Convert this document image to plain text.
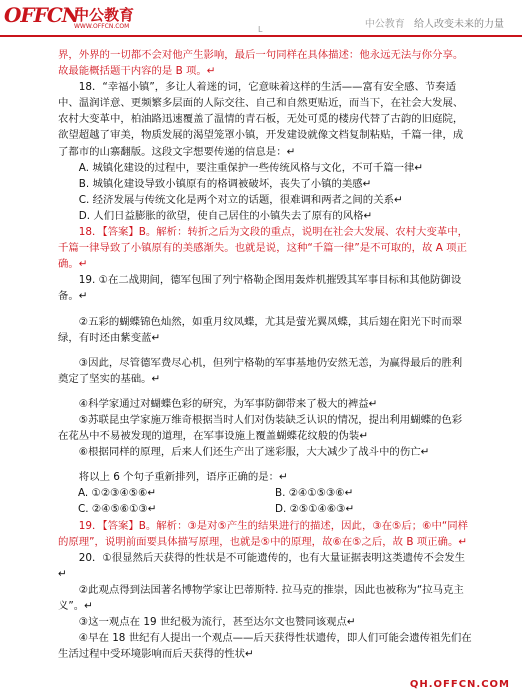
OFFCN
中公教育
WWW.OFFCN.COM	L	中公教育 给人改变未来的力量

界，外界的一切都不会对他产生影响，最后一句同样在具体描述：他永远无法与你分享。故最能概括题干内容的是 B 项。↵

18．“幸福小镇”，多让人着迷的词，它意味着这样的生活——富有安全感、节奏适中、温润详意、更频繁多层面的人际交往、自己和自然更贴近，而当下，在社会大发展、农村大变革中，柏油路迅速覆盖了温情的青石板，无处可觅的楼房代替了古韵的旧庭院，欲望超越了审美，物质发展的渴望笼罩小镇，开发建设就像文档复制粘贴，千篇一律，成了都市的山寨翻版。这段文字想要传递的信息是：↵

A. 城镇化建设的过程中，要注重保护一些传统风格与文化，不可千篇一律↵

B. 城镇化建设导致小镇原有的格调被破坏，丧失了小镇的美感↵

C. 经济发展与传统文化是两个对立的话题，很难调和两者之间的关系↵

D. 人们日益膨胀的欲望，使自己居住的小镇失去了原有的风格↵

18．【答案】B。解析：转折之后为文段的重点，说明在社会大发展、农村大变革中，千篇一律导致了小镇原有的美感渐失。也就是说，这种“千篇一律”是不可取的，故 A 项正确。↵

19. ①在二战期间，德军包围了列宁格勒企图用轰炸机摧毁其军事目标和其他防御设备。↵

②五彩的蝴蝶锦色灿然，如重月纹凤蝶，尤其是萤光翼凤蝶，其后翅在阳光下时而翠绿，有时还由紫变蓝↵

③因此，尽管德军费尽心机，但列宁格勒的军事基地仍安然无恙，为赢得最后的胜利奠定了坚实的基础。↵

④科学家通过对蝴蝶色彩的研究，为军事防御带来了极大的裨益↵

⑤苏联昆虫学家施万维奇根据当时人们对伪装缺乏认识的情况，提出利用蝴蝶的色彩在花丛中不易被发现的道理，在军事设施上覆盖蝴蝶花纹般的伪装↵

⑥根据同样的原理，后来人们还生产出了迷彩服，大大减少了战斗中的伤亡↵

将以上 6 个句子重新排列，语序正确的是：↵

A. ①②③④⑤⑥↵	B. ②④①⑤③⑥↵
C. ②④⑤⑥①③↵	D. ②⑤①④⑥③↵

19．【答案】B。解析：③是对⑤产生的结果进行的描述，因此，③在⑤后；⑥中“同样的原理”，说明前面要具体描写原理，也就是⑤中的原理，故⑥在⑤之后，故 B 项正确。↵

20．①很显然后天获得的性状是不可能遗传的，也有大量证据表明这类遗传不会发生↵

②此观点得到法国著名博物学家让巴蒂斯特. 拉马克的推崇，因此也被称为“拉马克主义”。↵

③这一观点在 19 世纪极为流行，甚至达尔文也赞同该观点↵

④早在 18 世纪有人提出一个观点——后天获得性状遗传，即人们可能会遗传祖先们在生活过程中受环境影响而后天获得的性状↵

QH.OFFCN.COM
